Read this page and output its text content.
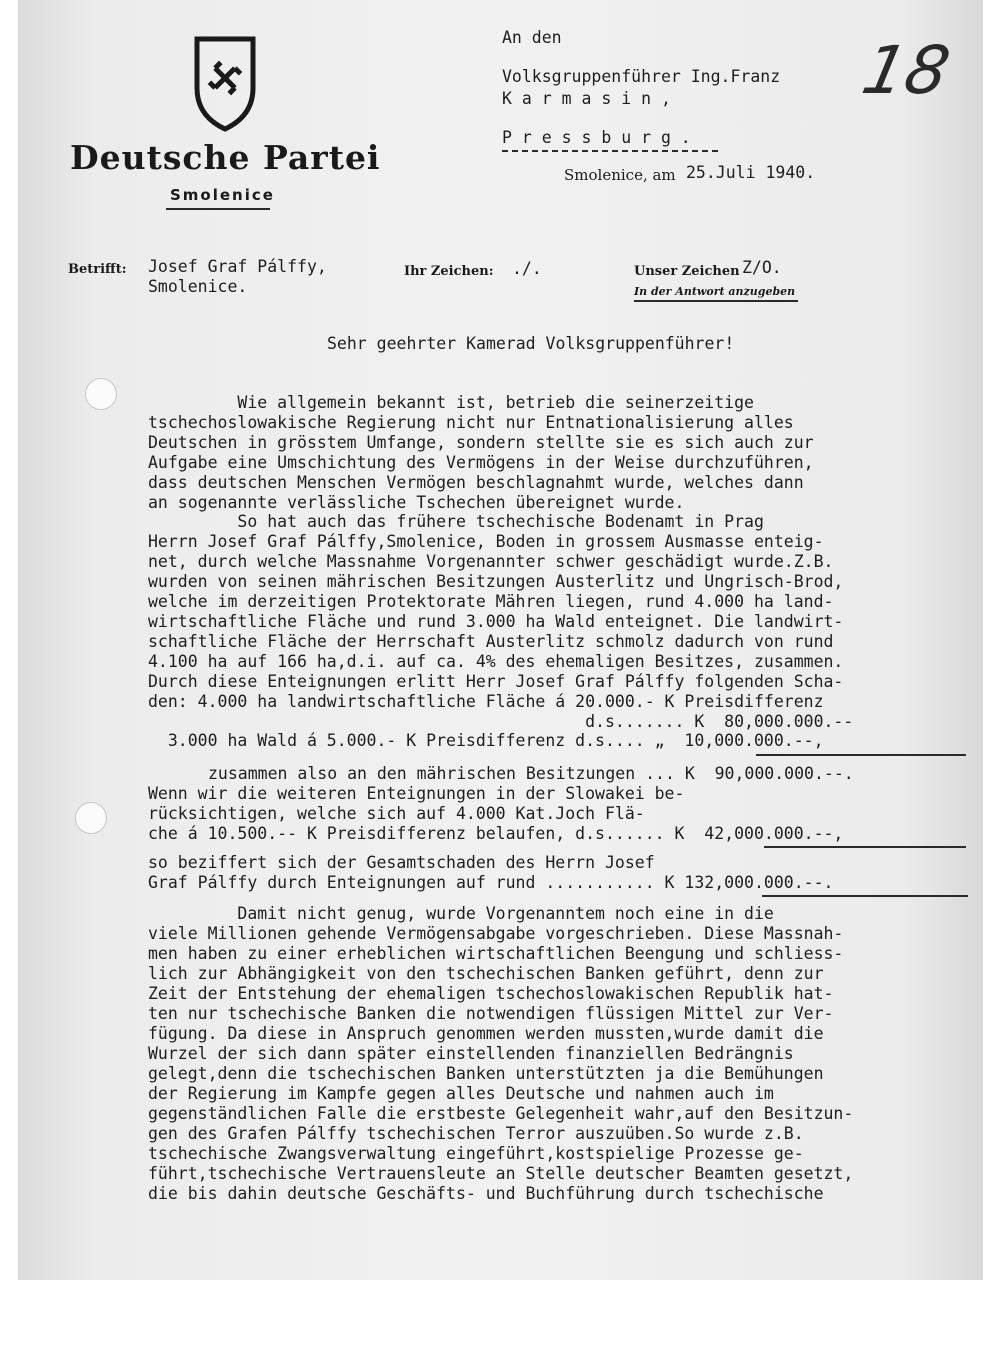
Deutsche Partei
Smolenice
An den
Volksgruppenführer Ing.Franz
K a r m a s i n ,
P r e s s b u r g .
18
Smolenice, am 25.Juli 1940.
Betrifft: Josef Graf Pálffy,
Smolenice.
Ihr Zeichen: ./.	Unser Zeichen Z/O.
In der Antwort anzugeben
Sehr geehrter Kamerad Volksgruppenführer!
Wie allgemein bekannt ist, betrieb die seinerzeitige
tschechoslowakische Regierung nicht nur Entnationalisierung alles
Deutschen in grösstem Umfange, sondern stellte sie es sich auch zur
Aufgabe eine Umschichtung des Vermögens in der Weise durchzuführen,
dass deutschen Menschen Vermögen beschlagnahmt wurde, welches dann
an sogenannte verlässliche Tschechen übereignet wurde.
So hat auch das frühere tschechische Bodenamt in Prag
Herrn Josef Graf Pálffy,Smolenice, Boden in grossem Ausmasse enteig-
net, durch welche Massnahme Vorgenannter schwer geschädigt wurde.Z.B.
wurden von seinen mährischen Besitzungen Austerlitz und Ungrisch-Brod,
welche im derzeitigen Protektorate Mähren liegen, rund 4.000 ha land-
wirtschaftliche Fläche und rund 3.000 ha Wald enteignet. Die landwirt-
schaftliche Fläche der Herrschaft Austerlitz schmolz dadurch von rund
4.100 ha auf 166 ha,d.i. auf ca. 4% des ehemaligen Besitzes, zusammen.
Durch diese Enteignungen erlitt Herr Josef Graf Pálffy folgenden Scha-
den: 4.000 ha landwirtschaftliche Fläche á 20.000.- K Preisdifferenz
d.s....... K  80,000.000.--
3.000 ha Wald á 5.000.- K Preisdifferenz d.s.... „  10,000.000.--,
zusammen also an den mährischen Besitzungen ... K  90,000.000.--.
Wenn wir die weiteren Enteignungen in der Slowakei be-
rücksichtigen, welche sich auf 4.000 Kat.Joch Flä-
che á 10.500.-- K Preisdifferenz belaufen, d.s...... K  42,000.000.--,
so beziffert sich der Gesamtschaden des Herrn Josef
Graf Pálffy durch Enteignungen auf rund ........... K 132,000.000.--.
Damit nicht genug, wurde Vorgenanntem noch eine in die
viele Millionen gehende Vermögensabgabe vorgeschrieben. Diese Massnah-
men haben zu einer erheblichen wirtschaftlichen Beengung und schliess-
lich zur Abhängigkeit von den tschechischen Banken geführt, denn zur
Zeit der Entstehung der ehemaligen tschechoslowakischen Republik hat-
ten nur tschechische Banken die notwendigen flüssigen Mittel zur Ver-
fügung. Da diese in Anspruch genommen werden mussten,wurde damit die
Wurzel der sich dann später einstellenden finanziellen Bedrängnis
gelegt,denn die tschechischen Banken unterstützten ja die Bemühungen
der Regierung im Kampfe gegen alles Deutsche und nahmen auch im
gegenständlichen Falle die erstbeste Gelegenheit wahr,auf den Besitzun-
gen des Grafen Pálffy tschechischen Terror auszuüben.So wurde z.B.
tschechische Zwangsverwaltung eingeführt,kostspielige Prozesse ge-
führt,tschechische Vertrauensleute an Stelle deutscher Beamten gesetzt,
die bis dahin deutsche Geschäfts- und Buchführung durch tschechische
